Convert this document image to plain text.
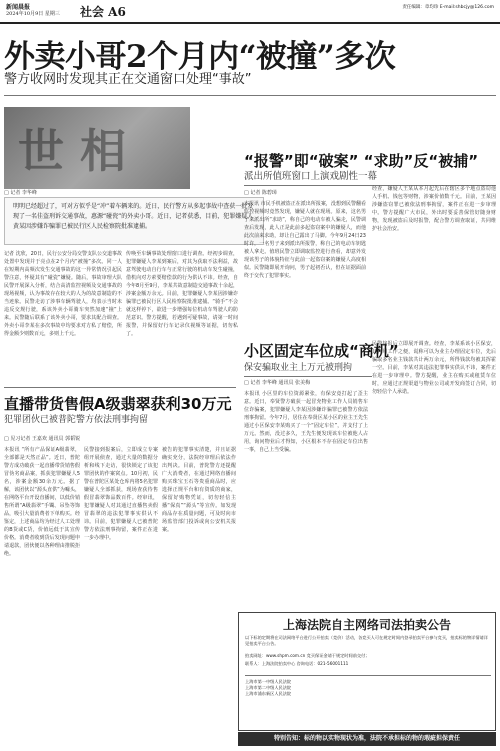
新闻晨报
2024年10月9日 星期三	社会 A6	责任编辑：章均珍 E-mail:shbcjy@126.com
外卖小哥2个月内“被撞”多次
警方收网时发现其正在交通窗口处理“事故”
世相
□ 记者 李华峰
明明已经超过了，可对方似乎是“冲”着车辆来的。近日，民行警方从多起事故中查获一批发现了一名佳盗刑诉交通事故，惠源“碰瓷”的外卖小哥。近日，记者获悉，目前，犯罪嫌疑人黄某因涉嫌诈骗罪已被民行区人民检察院批准逮捕。
记者 沈欣，20日，民行公安分局交警支队公交道事故处置中发现并于亮点在2个月内“被撞”多次。同一人在短期内高频次发生交通事故的这一异常情况引起民警注意，怀疑其有“碰瓷”嫌疑。随后，事故审理大队民警开展深入分析，结合高清监控视频及交通事故的现场视频，认为事故存在较大的人为的故意制造的不当迹象。民警走访了涉事车辆驾驶人，均表示当时未违反交规行驶，系该外卖小哥骑车突然加速“撞”上来。民警随后联系了该外卖小哥，要求其配合调查。外卖小哥李某在多次事故中均要求对方私了赔偿，所得金额少则数百元，多则上千元。
传唤至车辆事故处理窗口进行调查。经初步调查，犯罪嫌疑人李某到案后，对其为获取不法利益，故意驾驶电动自行车与正常行驶的机动车发生碰撞，借机向对方索要赔偿款的行为供认不讳。经查，自今年8月至9月，李某共故意制造交通事故十余起，涉案金额万余元。目前，犯罪嫌疑人李某因涉嫌诈骗罪已被民行区人民检察院批准逮捕。“骑手”不会就这样停下，欲进一步增强每位机动车驾驶人的防范意识。警方提醒，若遇到可疑事故，请第一时间报警，并保留好行车记录仪视频等证据，切勿私了。
“报警”即“破案” “求助”反“被捕”
派出所值班窗口上演戏剧性一幕
□ 记者 陈碧璋
本报讯 市民手机被盗正在派出所报案，没想到民警翻看监控视频时竟然发现，嫌疑人就在现场。原来，这名男子来派出所“求助”，称自己的电动车被人骗走，民警调查后发现，此人正是此前多起盗窃案中的嫌疑人，而他此次前来求助，却让自己露出了马脚。今年9月24日23时许，一名男子来到派出所报警，称自己的电动车钥匙被人拿走。值班民警立即调取监控进行查看，却意外发现该男子的体貌特征与此前一起盗窃案的嫌疑人高度相似。民警随即展开询问，男子起初否认，但在证据面前终于交代了犯罪事实。
经查，嫌疑人王某从本月起先后在辖区多个地点盗窃他人手机、钱包等财物，涉案价值数千元。目前，王某因涉嫌盗窃罪已被依法刑事拘留，案件正在进一步审理中。警方提醒广大市民，外出时要妥善保管好随身财物，发现被盗后及时报警，配合警方调查取证，共同维护社会治安。
直播带货售假A级翡翠获利30万元
犯罪团伙已被普陀警方依法刑事拘留
□ 见习记者 王嘉欢 通讯员 郭韬锐
本报讯 “所有产品保证A级翡翠，全部都是天然正品”。近日，普陀警方成功破获一起直播带货销售假冒伪劣商品案，抓获犯罪嫌疑人5名，涉案金额30余万元。据了解，该团伙以“源头直供”为噱头，在网络平台开设直播间，以低价销售所谓“A级翡翠”手镯、吊坠等饰品，吸引大量消费者下单购买。经鉴定，上述商品均为经过人工处理的B货或C货，价值远低于其宣传价格。消费者收到货后发现问题申请退款，团伙便以各种理由推脱拒绝。
民警接到报案后，立即成立专案组开展侦查，通过大量的数据分析和线下走访，很快锁定了该犯罪团伙的作案窝点。10月初，民警在普陀区某处仓库内将5名犯罪嫌疑人全部抓获，现场查获待售假冒翡翠饰品数百件。经审讯，犯罪嫌疑人对其通过直播售卖假冒翡翠的违法犯罪事实供认不讳。目前，犯罪嫌疑人已被普陀警方依法刑事拘留，案件正在进一步办理中。
被告的犯罪事实清楚，并且证据确实充分，法院经审理后依法作出判决。目前，普陀警方还提醒广大消费者，在通过网络直播间购买珠宝玉石等贵重商品时，应选择正规平台和有资质的商家，保留好购物凭证，切勿轻信主播“保真”“源头”等宣传。如发现商品存在质量问题，可及时向市场监管部门投诉或向公安机关报案。
小区固定车位成“商机”
保安骗取业主上万元被刑拘
□ 记者 李华峰 通讯员 张美梅
本报讯 小区里的车位资源紧张，有保安竟打起了歪主意。近日，奉贤警方破获一起冒充物业工作人员销售车位诈骗案，犯罪嫌疑人李某因涉嫌诈骗罪已被警方依法刑事拘留。今年7月，居住在奉贤区某小区的业主王先生通过小区保安李某购买了一个“固定车位”，并支付了上万元。然而，没过多久，王先生便发现该车位被他人占用，询问物业后才得知，小区根本不存在固定车位出售一事，自己上当受骗。
民警接报后立即展开调查。经查，李某系该小区保安，其利用工作之便，谎称可以为业主办理固定车位，先后骗取多名业主钱款共计两万余元，所得钱款均被其挥霍一空。目前，李某对其违法犯罪事实供认不讳，案件正在进一步审理中。警方提醒，业主在购买或租赁车位时，应通过正规渠道与物业公司或开发商签订合同，切勿轻信个人承诺。
上海法院自主网络司法拍卖公告
以下标的定期将在司法网络平台进行公开拍卖（竞价）活动，各竞买人可在规定时间内登录拍卖平台参与竞买，拍卖标的物详情请详见拍卖平台公告。
拍卖网址：www.shpm.com.cn 竞买保证金请于规定时间前交付；
联系人：上海法院拍卖中心 咨询电话：021-56001111
上海市第一中级人民法院
上海市第二中级人民法院
上海市浦东新区人民法院
特别告知：标的物以实物现状为准，法院不承担标的物的瑕疵担保责任
